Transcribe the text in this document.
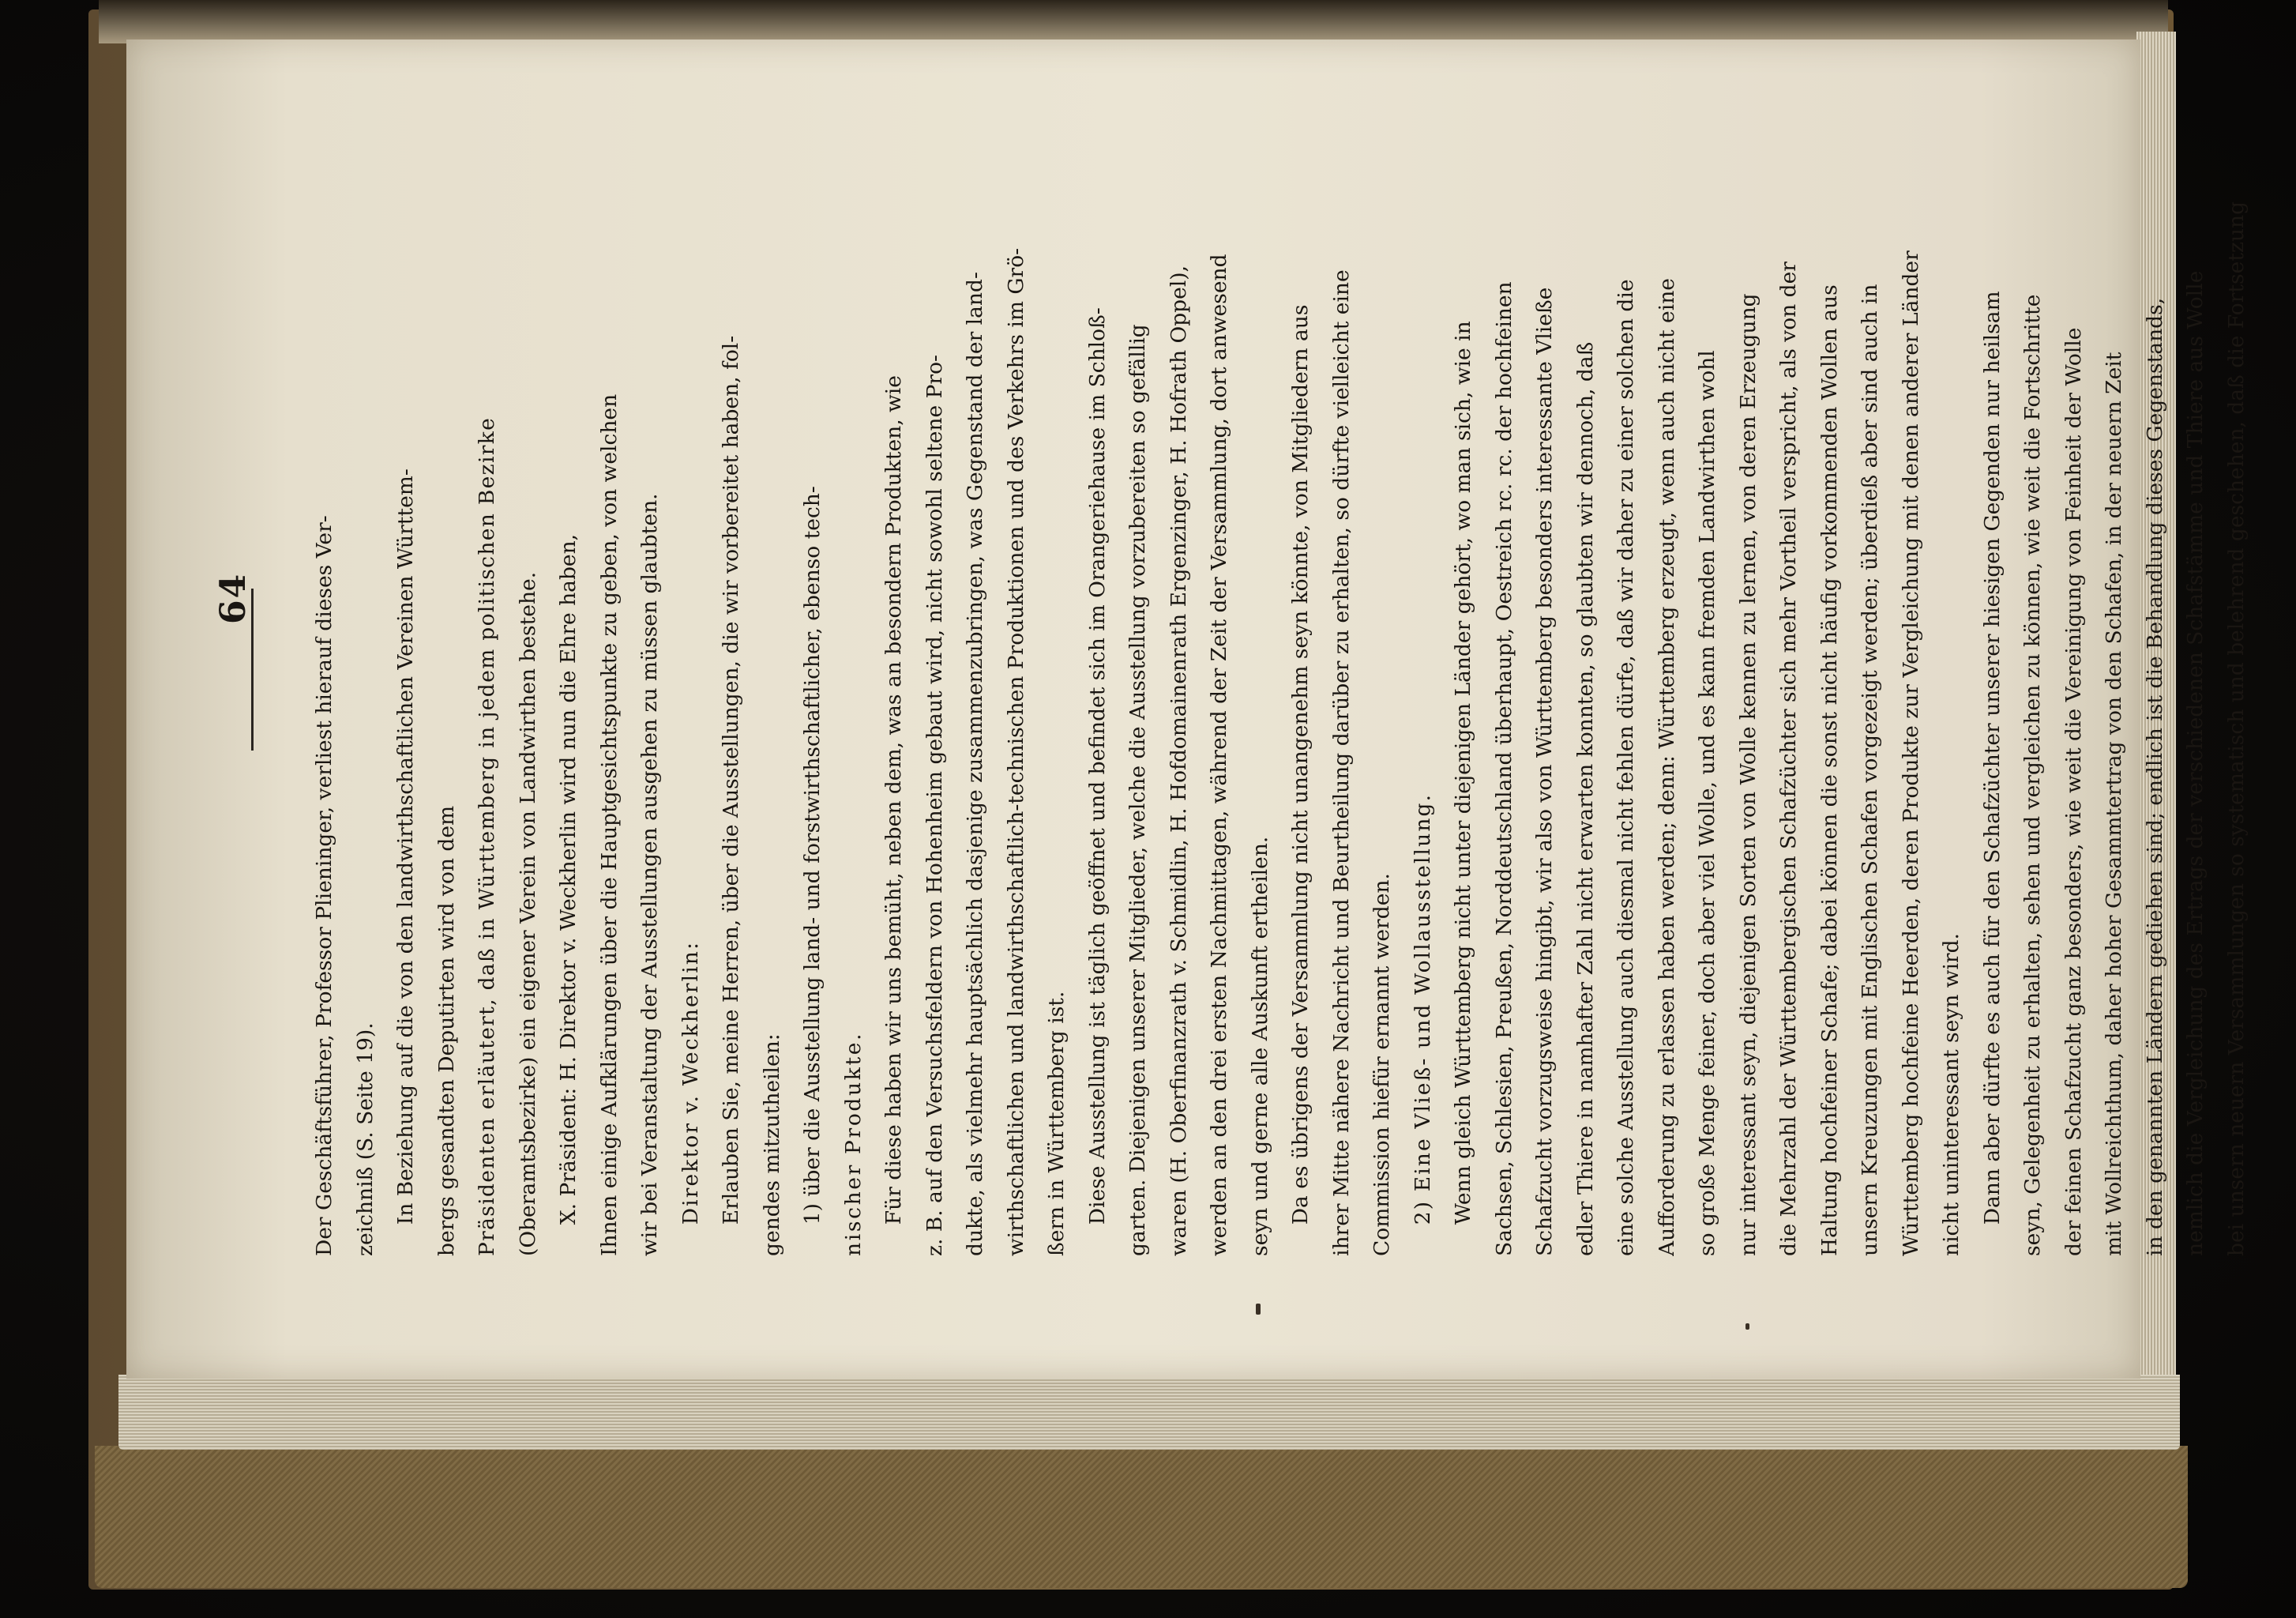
64	Der Geschäftsführer, Professor Plieninger, verliest hierauf dieses Ver- zeichniß (S. Seite 19). In Beziehung auf die von den landwirthschaftlichen Vereinen Württem- bergs gesandten Deputirten wird von dem Präsidenten erläutert, daß in Württemberg in jedem politischen Bezirke (Oberamtsbezirke) ein eigener Verein von Landwirthen bestehe. X. Präsident: H. Direktor v. Weckherlin wird nun die Ehre haben, Ihnen einige Aufklärungen über die Hauptgesichtspunkte zu geben, von welchen wir bei Veranstaltung der Ausstellungen ausgehen zu müssen glaubten. Direktor v. Weckherlin: Erlauben Sie, meine Herren, über die Ausstellungen, die wir vorbereitet haben, fol- gendes mitzutheilen: 1) über die Ausstellung land- und forstwirthschaftlicher, ebenso tech- nischer Produkte. Für diese haben wir uns bemüht, neben dem, was an besondern Produkten, wie z. B. auf den Versuchsfeldern von Hohenheim gebaut wird, nicht sowohl seltene Pro- dukte, als vielmehr hauptsächlich dasjenige zusammenzubringen, was Gegenstand der land- wirthschaftlichen und landwirthschaftlich-technischen Produktionen und des Verkehrs im Grö- ßern in Württemberg ist. Diese Ausstellung ist täglich geöffnet und befindet sich im Orangeriehause im Schloß- garten. Diejenigen unserer Mitglieder, welche die Ausstellung vorzubereiten so gefällig waren (H. Oberfinanzrath v. Schmidlin, H. Hofdomainenrath Ergenzinger, H. Hofrath Oppel), werden an den drei ersten Nachmittagen, während der Zeit der Versammlung, dort anwesend seyn und gerne alle Auskunft ertheilen. Da es übrigens der Versammlung nicht unangenehm seyn könnte, von Mitgliedern aus ihrer Mitte nähere Nachricht und Beurtheilung darüber zu erhalten, so dürfte vielleicht eine Commission hiefür ernannt werden. 2) Eine Vließ- und Wollausstellung. Wenn gleich Württemberg nicht unter diejenigen Länder gehört, wo man sich, wie in Sachsen, Schlesien, Preußen, Norddeutschland überhaupt, Oestreich rc. rc. der hochfeinen Schafzucht vorzugsweise hingibt, wir also von Württemberg besonders interessante Vließe edler Thiere in namhafter Zahl nicht erwarten konnten, so glaubten wir dennoch, daß eine solche Ausstellung auch diesmal nicht fehlen dürfe, daß wir daher zu einer solchen die Aufforderung zu erlassen haben werden; denn: Württemberg erzeugt, wenn auch nicht eine so große Menge feiner, doch aber viel Wolle, und es kann fremden Landwirthen wohl nur interessant seyn, diejenigen Sorten von Wolle kennen zu lernen, von deren Erzeugung die Mehrzahl der Württembergischen Schafzüchter sich mehr Vortheil verspricht, als von der Haltung hochfeiner Schafe; dabei können die sonst nicht häufig vorkommenden Wollen aus unsern Kreuzungen mit Englischen Schafen vorgezeigt werden; überdieß aber sind auch in Württemberg hochfeine Heerden, deren Produkte zur Vergleichung mit denen anderer Länder nicht uninteressant seyn wird. Dann aber dürfte es auch für den Schafzüchter unserer hiesigen Gegenden nur heilsam seyn, Gelegenheit zu erhalten, sehen und vergleichen zu können, wie weit die Fortschritte der feinen Schafzucht ganz besonders, wie weit die Vereinigung von Feinheit der Wolle mit Wollreichthum, daher hoher Gesammtertrag von den Schafen, in der neuern Zeit in den genannten Ländern gediehen sind; endlich ist die Behandlung dieses Gegenstands, nemlich die Vergleichung des Ertrags der verschiedenen Schafstämme und Thiere aus Wolle bei unsern neuern Versammlungen so systematisch und belehrend geschehen, daß die Fortsetzung
